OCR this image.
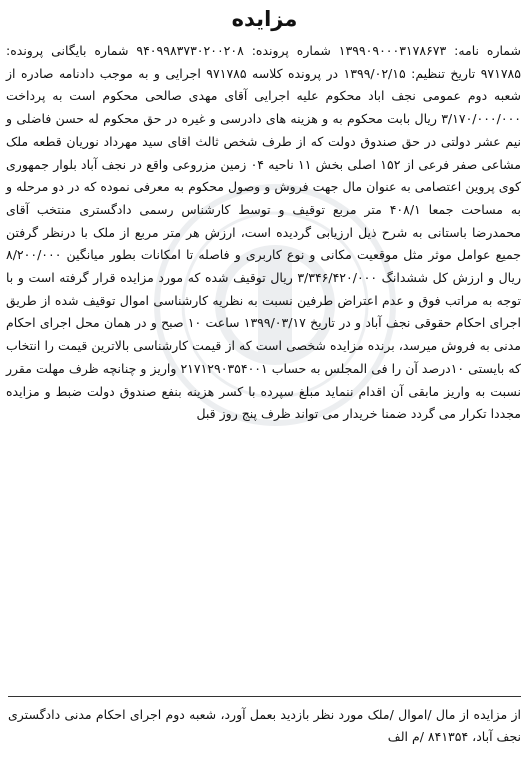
مزایده

شماره نامه: ۱۳۹۹۰۹۰۰۰۳۱۷۸۶۷۳ شماره پرونده: ۹۴۰۹۹۸۳۷۳۰۲۰۰۲۰۸ شماره بایگانی پرونده: ۹۷۱۷۸۵ تاریخ تنظیم: ۱۳۹۹/۰۲/۱۵ در پرونده کلاسه ۹۷۱۷۸۵ اجرایی و به موجب دادنامه صادره از شعبه دوم عمومی نجف اباد محکوم علیه اجرایی آقای مهدی صالحی محکوم است به پرداخت ۳/۱۷۰/۰۰۰/۰۰۰ ریال بابت محکوم به و هزینه های دادرسی و غیره در حق محکوم له حسن فاضلی و نیم عشر دولتی در حق صندوق دولت که از طرف شخص ثالث اقای سید مهرداد نوریان قطعه ملک مشاعی صفر فرعی از ۱۵۲ اصلی بخش ۱۱ ناحیه ۰۴ زمین مزروعی واقع در نجف آباد بلوار جمهوری کوی پروین اعتصامی به عنوان مال جهت فروش و وصول محکوم به معرفی نموده که در دو مرحله و به مساحت جمعا ۴۰۸/۱ متر مربع توقیف و توسط کارشناس رسمی دادگستری منتخب آقای محمدرضا باستانی به شرح ذیل ارزیابی گردیده است، ارزش هر متر مربع از ملک با درنظر گرفتن جمیع عوامل موثر مثل موقعیت مکانی و نوع کاربری و فاصله تا امکانات بطور میانگین ۸/۲۰۰/۰۰۰ ریال و ارزش کل ششدانگ ۳/۳۴۶/۴۲۰/۰۰۰ ریال توقیف شده که مورد مزایده قرار گرفته است و با توجه به مراتب فوق و عدم اعتراض طرفین نسبت به نظریه کارشناسی اموال توقیف شده از طریق اجرای احکام حقوقی نجف آباد و در تاریخ ۱۳۹۹/۰۳/۱۷ ساعت ۱۰ صبح و در همان محل اجرای احکام مدنی به فروش میرسد، برنده مزایده شخصی است که از قیمت کارشناسی بالاترین قیمت را انتخاب که بایستی ۱۰درصد آن را فی المجلس به حساب ۲۱۷۱۲۹۰۳۵۴۰۰۱ واریز و چنانچه ظرف مهلت مقرر نسبت به واریز مابقی آن اقدام ننماید مبلغ سپرده با کسر هزینه بنفع صندوق دولت ضبط و مزایده مجددا تکرار می گردد ضمنا خریدار می تواند ظرف پنج روز قبل

از مزایده از مال /اموال /ملک مورد نظر بازدید بعمل آورد، شعبه دوم اجرای احکام مدنی دادگستری نجف آباد، ۸۴۱۳۵۴ /م الف
